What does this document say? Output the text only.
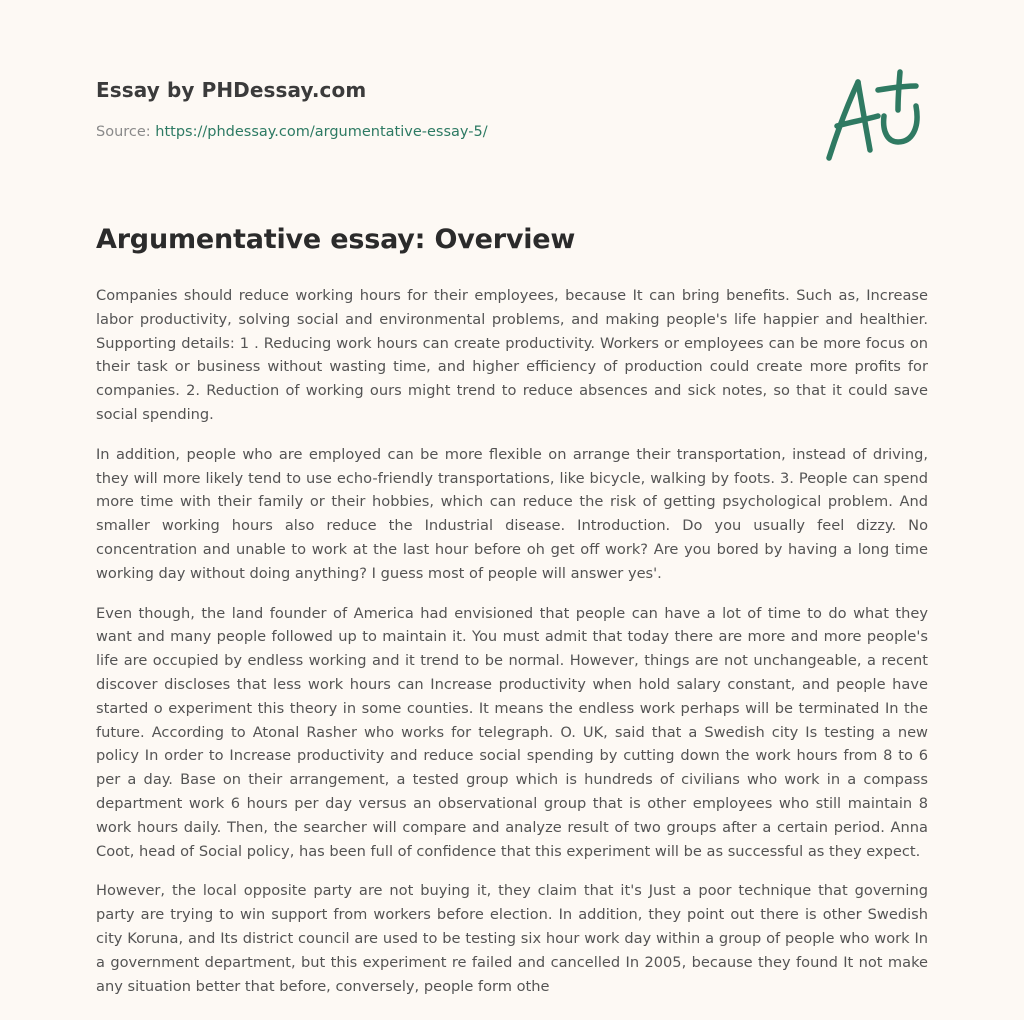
Essay by PHDessay.com
Source: https://phdessay.com/argumentative-essay-5/
Argumentative essay: Overview

Companies should reduce working hours for their employees, because It can bring benefits. Such as, Increase labor productivity, solving social and environmental problems, and making people's life happier and healthier. Supporting details: 1 . Reducing work hours can create productivity. Workers or employees can be more focus on their task or business without wasting time, and higher efficiency of production could create more profits for companies. 2. Reduction of working ours might trend to reduce absences and sick notes, so that it could save social spending.

In addition, people who are employed can be more flexible on arrange their transportation, instead of driving, they will more likely tend to use echo-friendly transportations, like bicycle, walking by foots. 3. People can spend more time with their family or their hobbies, which can reduce the risk of getting psychological problem. And smaller working hours also reduce the Industrial disease. Introduction. Do you usually feel dizzy. No concentration and unable to work at the last hour before oh get off work? Are you bored by having a long time working day without doing anything? I guess most of people will answer yes'.

Even though, the land founder of America had envisioned that people can have a lot of time to do what they want and many people followed up to maintain it. You must admit that today there are more and more people's life are occupied by endless working and it trend to be normal. However, things are not unchangeable, a recent discover discloses that less work hours can Increase productivity when hold salary constant, and people have started o experiment this theory in some counties. It means the endless work perhaps will be terminated In the future. According to Atonal Rasher who works for telegraph. O. UK, said that a Swedish city Is testing a new policy In order to Increase productivity and reduce social spending by cutting down the work hours from 8 to 6 per a day. Base on their arrangement, a tested group which is hundreds of civilians who work in a compass department work 6 hours per day versus an observational group that is other employees who still maintain 8 work hours daily. Then, the searcher will compare and analyze result of two groups after a certain period. Anna Coot, head of Social policy, has been full of confidence that this experiment will be as successful as they expect.

However, the local opposite party are not buying it, they claim that it's Just a poor technique that governing party are trying to win support from workers before election. In addition, they point out there is other Swedish city Koruna, and Its district council are used to be testing six hour work day within a group of people who work In a government department, but this experiment re failed and cancelled In 2005, because they found It not make any situation better that before, conversely, people form othe
